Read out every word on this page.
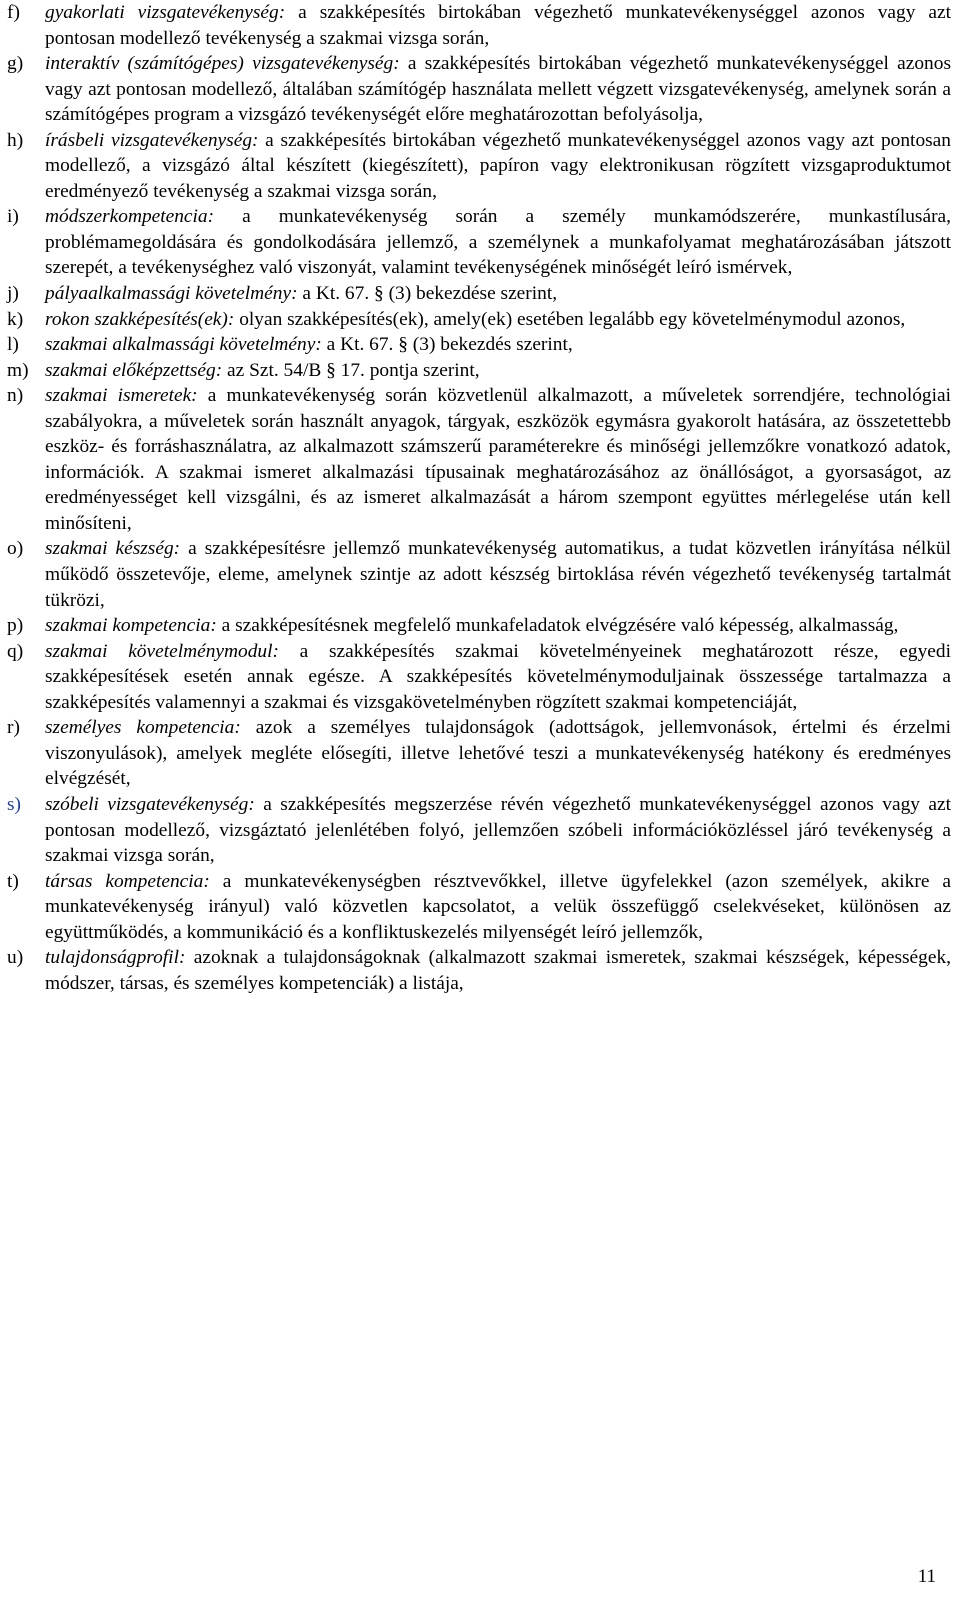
f)	gyakorlati vizsgatevékenység: a szakképesítés birtokában végezhető munkatevékenységgel azonos vagy azt pontosan modellező tevékenység a szakmai vizsga során,
g)	interaktív (számítógépes) vizsgatevékenység: a szakképesítés birtokában végezhető munkatevékenységgel azonos vagy azt pontosan modellező, általában számítógép használata mellett végzett vizsgatevékenység, amelynek során a számítógépes program a vizsgázó tevékenységét előre meghatározottan befolyásolja,
h)	írásbeli vizsgatevékenység: a szakképesítés birtokában végezhető munkatevékenységgel azonos vagy azt pontosan modellező, a vizsgázó által készített (kiegészített), papíron vagy elektronikusan rögzített vizsgaproduktumot eredményező tevékenység a szakmai vizsga során,
i)	módszerkompetencia: a munkatevékenység során a személy munkamódszerére, munkastílusára, problémamegoldására és gondolkodására jellemző, a személynek a munkafolyamat meghatározásában játszott szerepét, a tevékenységhez való viszonyát, valamint tevékenységének minőségét leíró ismérvek,
j)	pályaalkalmassági követelmény: a Kt. 67. § (3) bekezdése szerint,
k)	rokon szakképesítés(ek): olyan szakképesítés(ek), amely(ek) esetében legalább egy követelménymodul azonos,
l)	szakmai alkalmassági követelmény: a Kt. 67. § (3) bekezdés szerint,
m) szakmai előképzettség: az Szt. 54/B § 17. pontja szerint,
n)	szakmai ismeretek: a munkatevékenység során közvetlenül alkalmazott, a műveletek sorrendjére, technológiai szabályokra, a műveletek során használt anyagok, tárgyak, eszközök egymásra gyakorolt hatására, az összetettebb eszköz- és forráshasználatra, az alkalmazott számszerű paraméterekre és minőségi jellemzőkre vonatkozó adatok, információk. A szakmai ismeret alkalmazási típusainak meghatározásához az önállóságot, a gyorsaságot, az eredményességet kell vizsgálni, és az ismeret alkalmazását a három szempont együttes mérlegelése után kell minősíteni,
o)	szakmai készség: a szakképesítésre jellemző munkatevékenység automatikus, a tudat közvetlen irányítása nélkül működő összetevője, eleme, amelynek szintje az adott készség birtoklása révén végezhető tevékenység tartalmát tükrözi,
p)	szakmai kompetencia: a szakképesítésnek megfelelő munkafeladatok elvégzésére való képesség, alkalmasság,
q)	szakmai követelménymodul: a szakképesítés szakmai követelményeinek meghatározott része, egyedi szakképesítések esetén annak egésze. A szakképesítés követelménymoduljainak összessége tartalmazza a szakképesítés valamennyi a szakmai és vizsgakövetelményben rögzített szakmai kompetenciáját,
r)	személyes kompetencia: azok a személyes tulajdonságok (adottságok, jellemvonások, értelmi és érzelmi viszonyulások), amelyek megléte elősegíti, illetve lehetővé teszi a munkatevékenység hatékony és eredményes elvégzését,
s)	szóbeli vizsgatevékenység: a szakképesítés megszerzése révén végezhető munkatevékenységgel azonos vagy azt pontosan modellező, vizsgáztató jelenlétében folyó, jellemzően szóbeli információközléssel járó tevékenység a szakmai vizsga során,
t)	társas kompetencia: a munkatevékenységben résztvevőkkel, illetve ügyfelekkel (azon személyek, akikre a munkatevékenység irányul) való közvetlen kapcsolatot, a velük összefüggő cselekvéseket, különösen az együttműködés, a kommunikáció és a konfliktuskezelés milyenségét leíró jellemzők,
u)	tulajdonságprofil: azoknak a tulajdonságoknak (alkalmazott szakmai ismeretek, szakmai készségek, képességek, módszer, társas, és személyes kompetenciák) a listája,
11
